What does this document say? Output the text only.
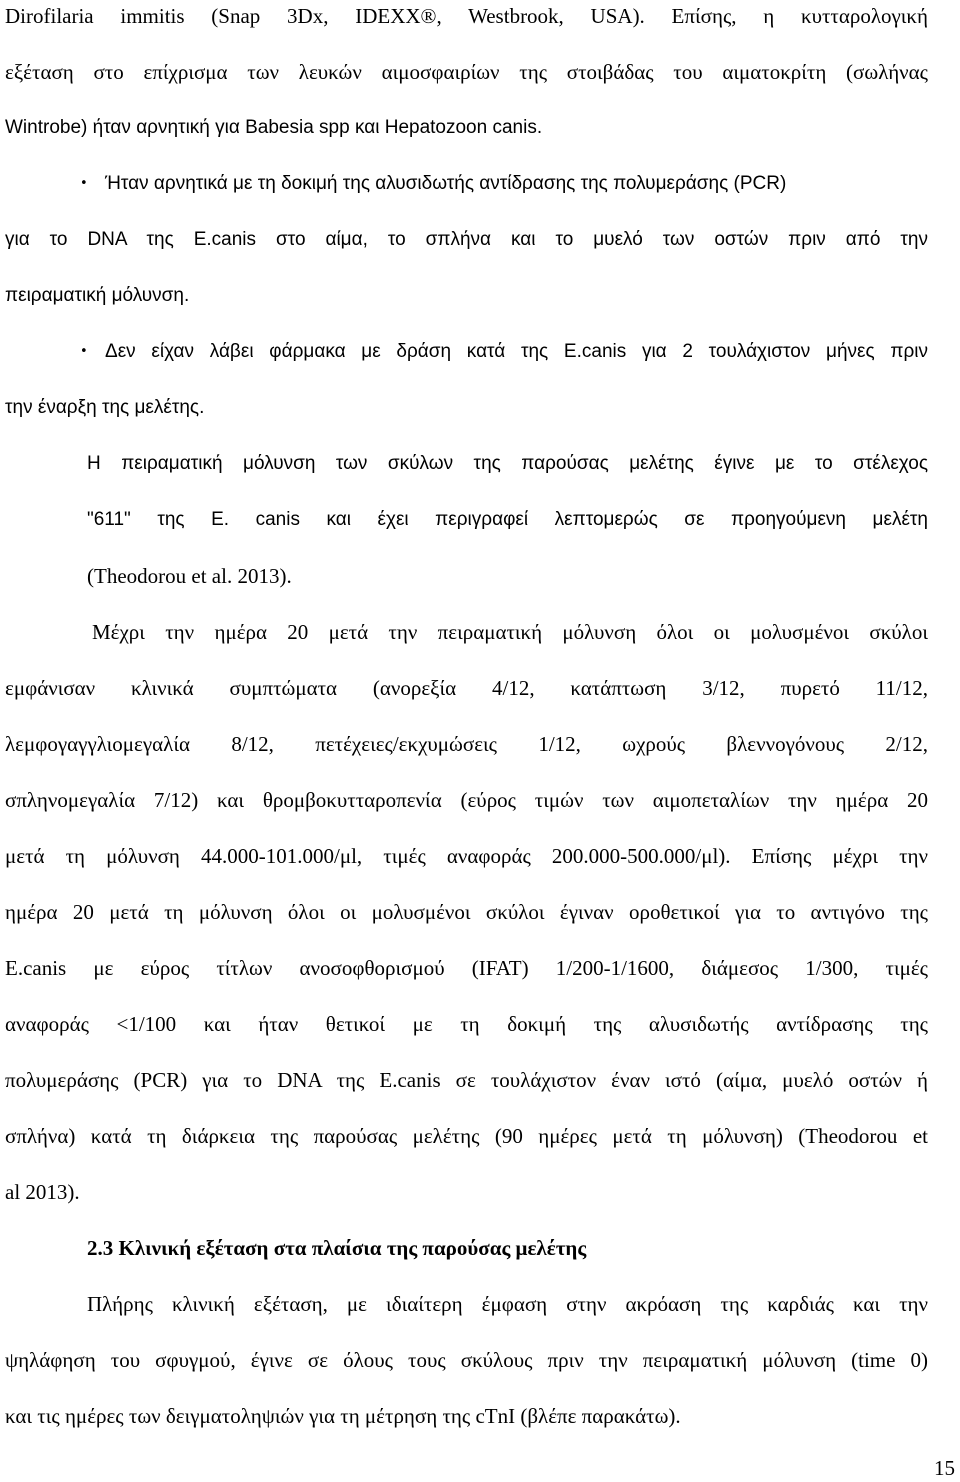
Dirofilaria immitis (Snap 3Dx, IDEXX®, Westbrook, USA). Επίσης, η κυτταρολογική
εξέταση στο επίχρισμα των λευκών αιμοσφαιρίων της στοιβάδας του αιματοκρίτη (σωλήνας
Wintrobe) ήταν αρνητική για Babesia spp και Hepatozoon canis.
• Ήταν αρνητικά με τη δοκιμή της αλυσιδωτής αντίδρασης της πολυμεράσης (PCR)
για το DNA της E.canis στο αίμα, το σπλήνα και το μυελό των οστών πριν από την
πειραματική μόλυνση.
• Δεν είχαν λάβει φάρμακα με δράση κατά της E.canis για 2 τουλάχιστον μήνες πριν
την έναρξη της μελέτης.
Η πειραματική μόλυνση των σκύλων της παρούσας μελέτης έγινε με το στέλεχος
"611" της E. canis και έχει περιγραφεί λεπτομερώς σε προηγούμενη μελέτη
(Theodorou et al. 2013).
Μέχρι την ημέρα 20 μετά την πειραματική μόλυνση όλοι οι μολυσμένοι σκύλοι
εμφάνισαν κλινικά συμπτώματα (ανορεξία 4/12, κατάπτωση 3/12, πυρετό 11/12,
λεμφογαγγλιομεγαλία 8/12, πετέχειες/εκχυμώσεις 1/12, ωχρούς βλεννογόνους 2/12,
σπληνομεγαλία 7/12) και θρομβοκυτταροπενία (εύρος τιμών των αιμοπεταλίων την ημέρα 20
μετά τη μόλυνση 44.000-101.000/μl, τιμές αναφοράς 200.000-500.000/μl). Επίσης μέχρι την
ημέρα 20 μετά τη μόλυνση όλοι οι μολυσμένοι σκύλοι έγιναν οροθετικοί για το αντιγόνο της
E.canis με εύρος τίτλων ανοσοφθορισμού (IFAT) 1/200-1/1600, διάμεσος 1/300, τιμές
αναφοράς <1/100 και ήταν θετικοί με τη δοκιμή της αλυσιδωτής αντίδρασης της
πολυμεράσης (PCR) για το DNA της E.canis σε τουλάχιστον έναν ιστό (αίμα, μυελό οστών ή
σπλήνα) κατά τη διάρκεια της παρούσας μελέτης (90 ημέρες μετά τη μόλυνση) (Theodorou et
al 2013).
2.3 Κλινική εξέταση στα πλαίσια της παρούσας μελέτης
Πλήρης κλινική εξέταση, με ιδιαίτερη έμφαση στην ακρόαση της καρδιάς και την
ψηλάφηση του σφυγμού, έγινε σε όλους τους σκύλους πριν την πειραματική μόλυνση (time 0)
και τις ημέρες των δειγματοληψιών για τη μέτρηση της cTnI (βλέπε παρακάτω).
15
